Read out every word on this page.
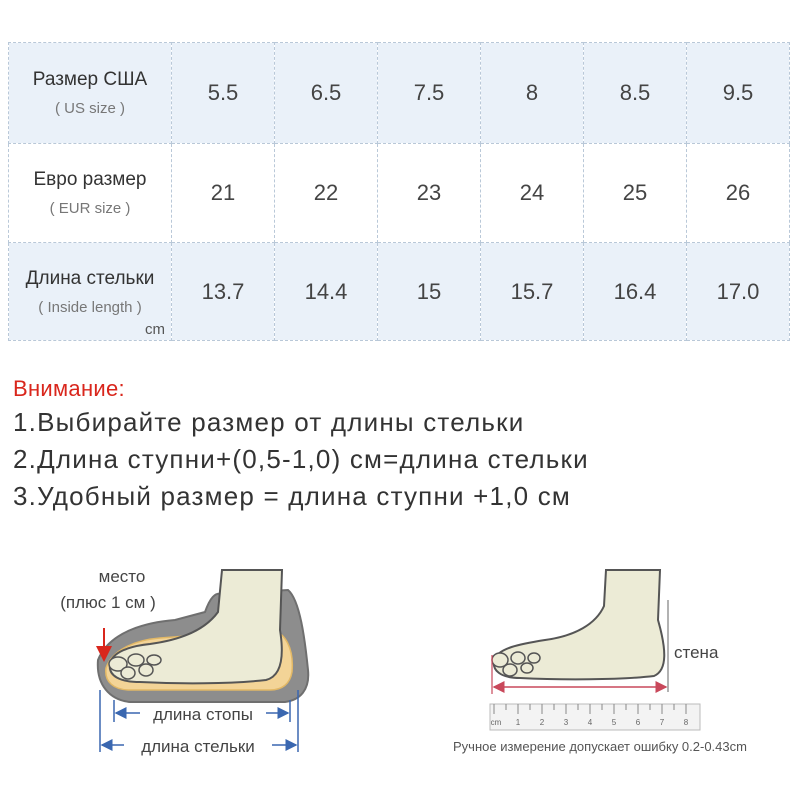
Размер США
( US size )	5.5	6.5	7.5	8	8.5	9.5

Евро размер
( EUR size )	21	22	23	24	25	26

Длина стельки
( Inside length )
cm	13.7	14.4	15	15.7	16.4	17.0
Внимание:
1.Выбирайте размер от длины стельки
2.Длина ступни+(0,5-1,0) см=длина стельки
3.Удобный размер = длина ступни +1,0 см
место
(плюс 1 см )
длина стопы
длина стельки
стена
cm 1 2 3 4 5 6 7 8
Ручное измерение допускает ошибку 0.2-0.43cm
